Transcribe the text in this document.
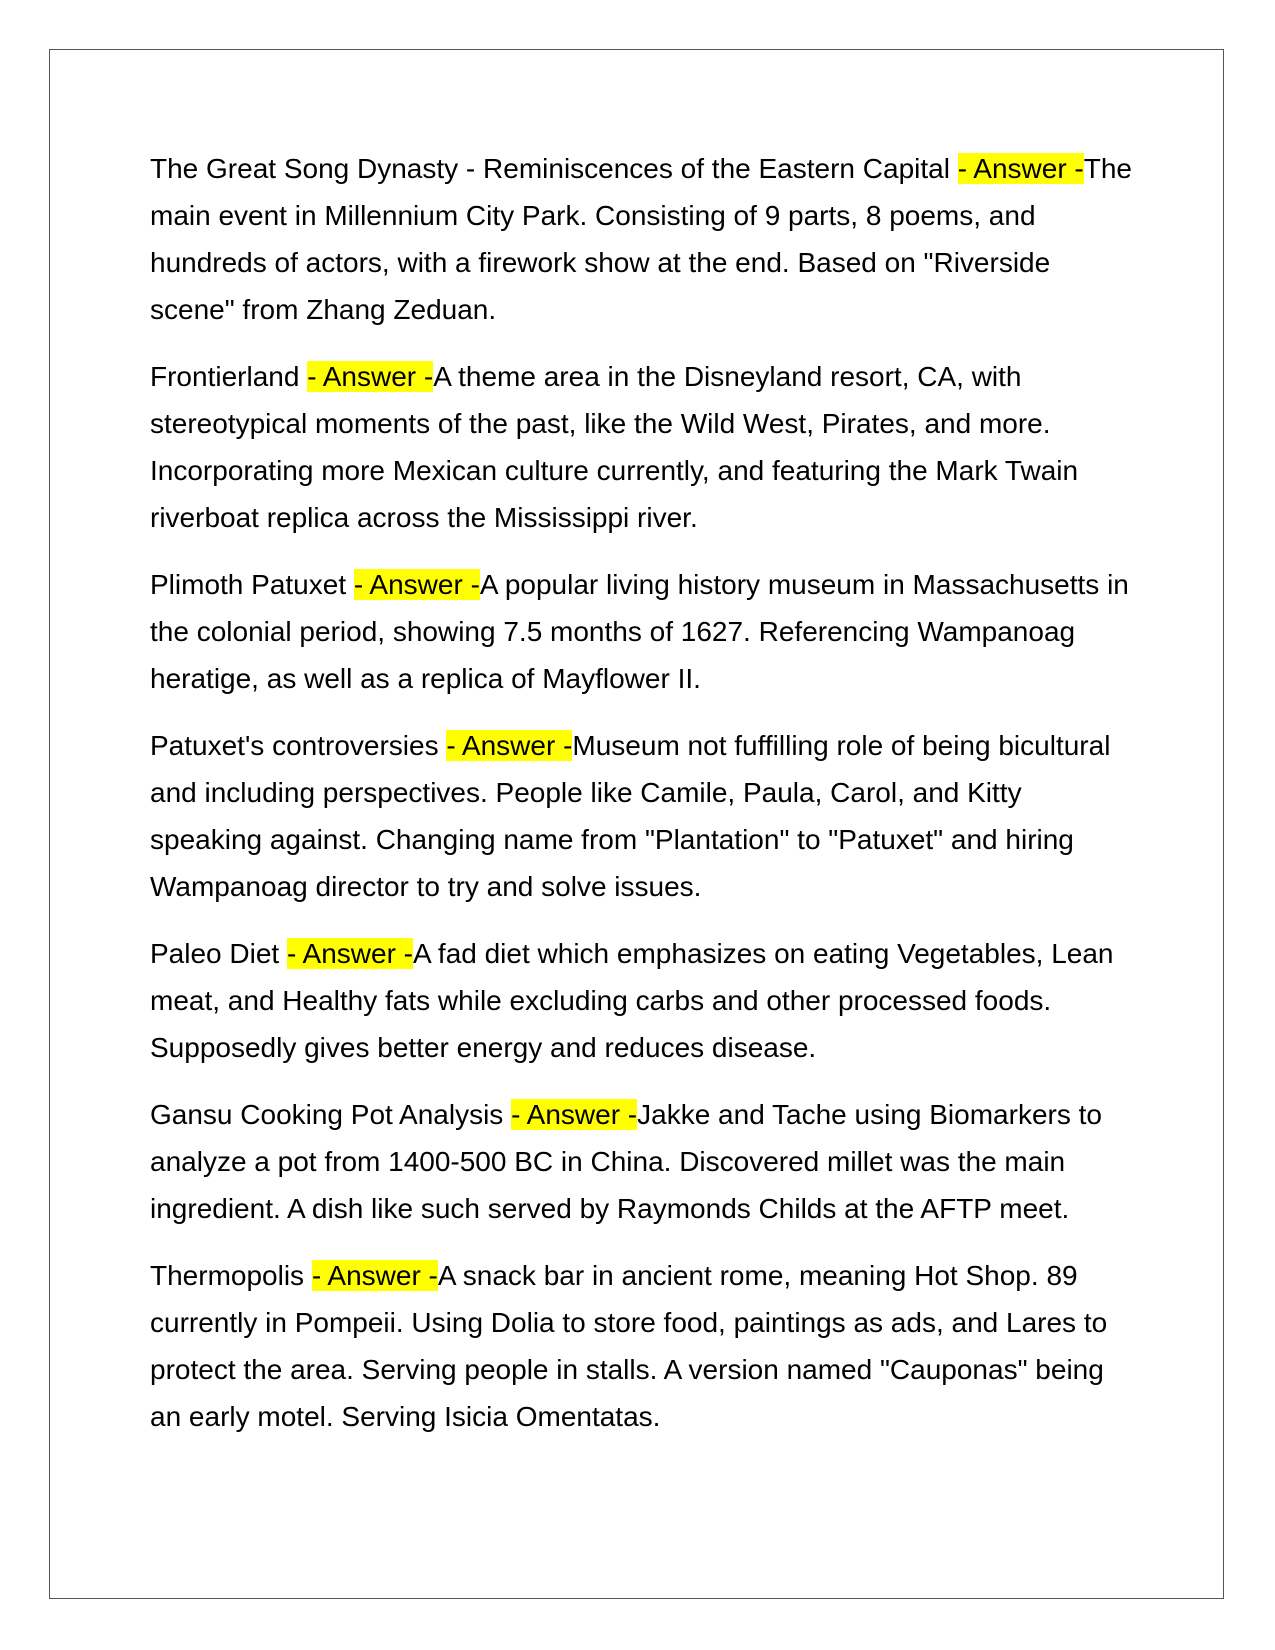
The Great Song Dynasty - Reminiscences of the Eastern Capital - Answer -The main event in Millennium City Park. Consisting of 9 parts, 8 poems, and hundreds of actors, with a firework show at the end. Based on "Riverside scene" from Zhang Zeduan.

Frontierland - Answer -A theme area in the Disneyland resort, CA, with stereotypical moments of the past, like the Wild West, Pirates, and more. Incorporating more Mexican culture currently, and featuring the Mark Twain riverboat replica across the Mississippi river.

Plimoth Patuxet - Answer -A popular living history museum in Massachusetts in the colonial period, showing 7.5 months of 1627. Referencing Wampanoag heratige, as well as a replica of Mayflower II.

Patuxet's controversies - Answer -Museum not fuffilling role of being bicultural and including perspectives. People like Camile, Paula, Carol, and Kitty speaking against. Changing name from "Plantation" to "Patuxet" and hiring Wampanoag director to try and solve issues.

Paleo Diet - Answer -A fad diet which emphasizes on eating Vegetables, Lean meat, and Healthy fats while excluding carbs and other processed foods. Supposedly gives better energy and reduces disease.

Gansu Cooking Pot Analysis - Answer -Jakke and Tache using Biomarkers to analyze a pot from 1400-500 BC in China. Discovered millet was the main ingredient. A dish like such served by Raymonds Childs at the AFTP meet.

Thermopolis - Answer -A snack bar in ancient rome, meaning Hot Shop. 89 currently in Pompeii. Using Dolia to store food, paintings as ads, and Lares to protect the area. Serving people in stalls. A version named "Cauponas" being an early motel. Serving Isicia Omentatas.
